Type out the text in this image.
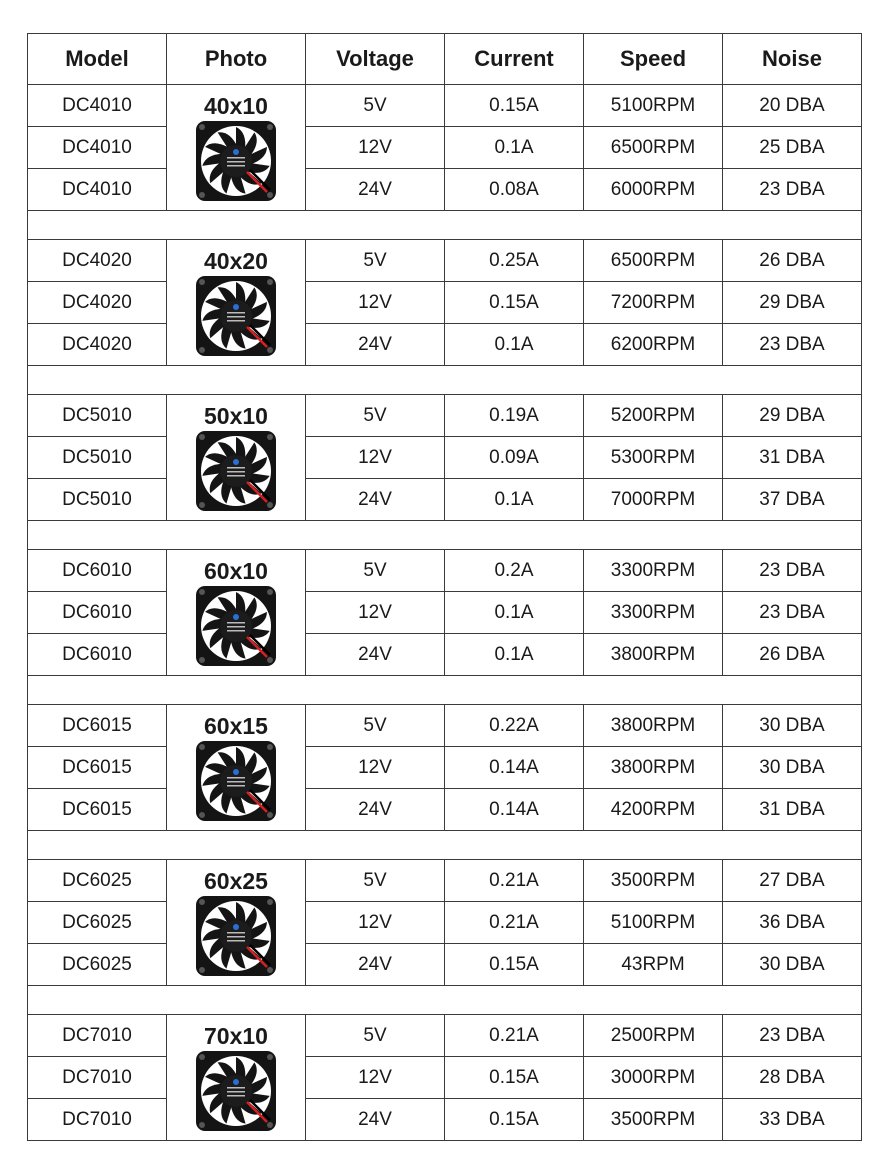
Model	Photo	Voltage	Current	Speed	Noise
DC4010	40x10	5V	0.15A	5100RPM	20 DBA
DC4010		12V	0.1A	6500RPM	25 DBA
DC4010		24V	0.08A	6000RPM	23 DBA

DC4020	40x20	5V	0.25A	6500RPM	26 DBA
DC4020		12V	0.15A	7200RPM	29 DBA
DC4020		24V	0.1A	6200RPM	23 DBA

DC5010	50x10	5V	0.19A	5200RPM	29 DBA
DC5010		12V	0.09A	5300RPM	31 DBA
DC5010		24V	0.1A	7000RPM	37 DBA

DC6010	60x10	5V	0.2A	3300RPM	23 DBA
DC6010		12V	0.1A	3300RPM	23 DBA
DC6010		24V	0.1A	3800RPM	26 DBA

DC6015	60x15	5V	0.22A	3800RPM	30 DBA
DC6015		12V	0.14A	3800RPM	30 DBA
DC6015		24V	0.14A	4200RPM	31 DBA

DC6025	60x25	5V	0.21A	3500RPM	27 DBA
DC6025		12V	0.21A	5100RPM	36 DBA
DC6025		24V	0.15A	43RPM	30 DBA

DC7010	70x10	5V	0.21A	2500RPM	23 DBA
DC7010		12V	0.15A	3000RPM	28 DBA
DC7010		24V	0.15A	3500RPM	33 DBA
